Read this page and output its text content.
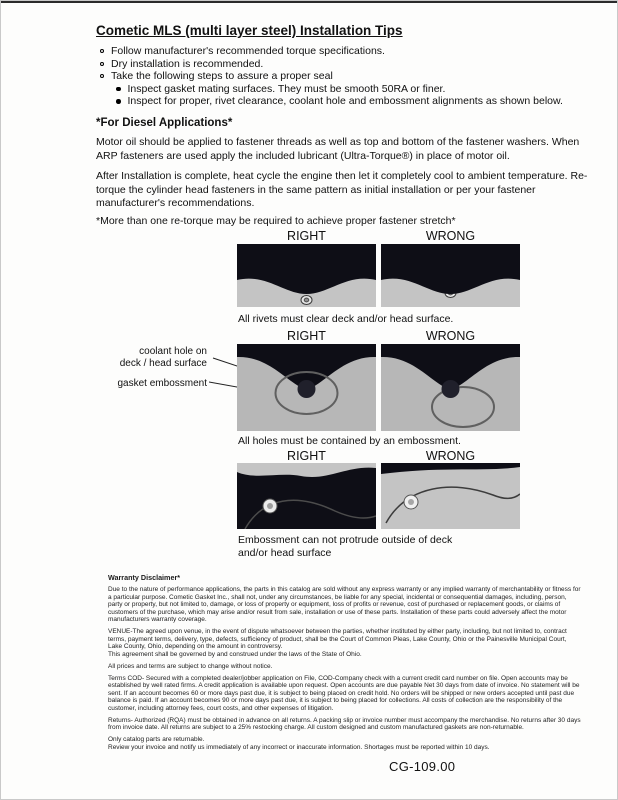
Cometic MLS (multi layer steel) Installation Tips
Follow manufacturer's recommended torque specifications.
Dry installation is recommended.
Take the following steps to assure a proper seal
Inspect gasket mating surfaces. They must be smooth 50RA or finer.
Inspect for proper, rivet clearance, coolant hole and embossment alignments as shown below.
*For Diesel Applications*

Motor oil should be applied to fastener threads as well as top and bottom of the fastener washers. When ARP fasteners are used apply the included lubricant (Ultra-Torque®) in place of motor oil.

After Installation is complete, heat cycle the engine then let it completely cool to ambient temperature. Re-torque the cylinder head fasteners in the same pattern as initial installation or per your fastener manufacturer's recommendations.

*More than one re-torque may be required to achieve proper fastener stretch*

RIGHT	WRONG
All rivets must clear deck and/or head surface.
RIGHT	WRONG
coolant hole on
deck / head surface
gasket embossment
All holes must be contained by an embossment.
RIGHT	WRONG
Embossment can not protrude outside of deck and/or head surface
Warranty Disclaimer*

Due to the nature of performance applications, the parts in this catalog are sold without any express warranty or any implied warranty of merchantability or fitness for a particular purpose. Cometic Gasket Inc., shall not, under any circumstances, be liable for any special, incidental or consequential damages, including, person, party or property, but not limited to, damage, or loss of property or equipment, loss of profits or revenue, cost of purchased or replacement goods, or claims of customers of the purchase, which may arise and/or result from sale, installation or use of these parts. Installation of these parts could adversely affect the motor manufacturers warranty coverage.

VENUE-The agreed upon venue, in the event of dispute whatsoever between the parties, whether instituted by either party, including, but not limited to, contract terms, payment terms, delivery, type, defects, sufficiency of product, shall be the Court of Common Pleas, Lake County, Ohio or the Painesville Municipal Court, Lake County, Ohio, depending on the amount in controversy.

This agreement shall be governed by and construed under the laws of the State of Ohio.

All prices and terms are subject to change without notice.

Terms COD- Secured with a completed dealer/jobber application on File, COD-Company check with a current credit card number on file. Open accounts may be established by well rated firms. A credit application is available upon request. Open accounts are due payable Net 30 days from date of invoice. No statement will be sent. If an account becomes 60 or more days past due, it is subject to being placed on credit hold. No orders will be shipped or new orders accepted until past due balance is paid. If an account becomes 90 or more days past due, it is subject to being placed for collections. All costs of collection are the responsibility of the customer, including attorney fees, court costs, and other expenses of litigation.

Returns- Authorized (RQA) must be obtained in advance on all returns. A packing slip or invoice number must accompany the merchandise. No returns after 30 days from invoice date. All returns are subject to a 25% restocking charge. All custom designed and custom manufactured gaskets are non-returnable.

Only catalog parts are returnable.

Review your invoice and notify us immediately of any incorrect or inaccurate information. Shortages must be reported within 10 days.

CG-109.00
